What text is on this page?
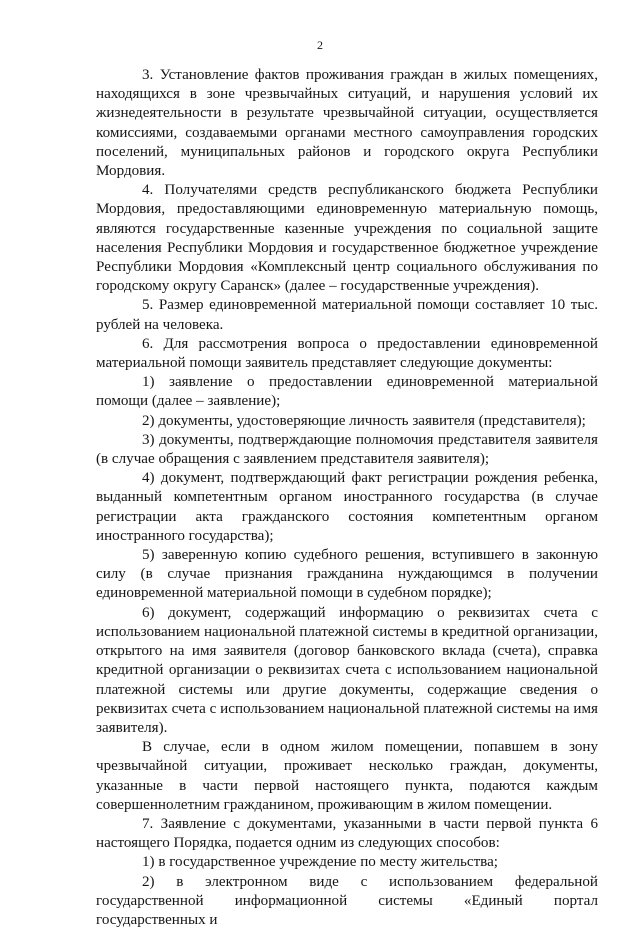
2

3. Установление фактов проживания граждан в жилых помещениях, находящихся в зоне чрезвычайных ситуаций, и нарушения условий их жизнедеятельности в результате чрезвычайной ситуации, осуществляется комиссиями, создаваемыми органами местного самоуправления городских поселений, муниципальных районов и городского округа Республики Мордовия.

4. Получателями средств республиканского бюджета Республики Мордовия, предоставляющими единовременную материальную помощь, являются государственные казенные учреждения по социальной защите населения Республики Мордовия и государственное бюджетное учреждение Республики Мордовия «Комплексный центр социального обслуживания по городскому округу Саранск» (далее – государственные учреждения).

5. Размер единовременной материальной помощи составляет 10 тыс. рублей на человека.

6. Для рассмотрения вопроса о предоставлении единовременной материальной помощи заявитель представляет следующие документы:

1) заявление о предоставлении единовременной материальной помощи (далее – заявление);

2) документы, удостоверяющие личность заявителя (представителя);

3) документы, подтверждающие полномочия представителя заявителя (в случае обращения с заявлением представителя заявителя);

4) документ, подтверждающий факт регистрации рождения ребенка, выданный компетентным органом иностранного государства (в случае регистрации акта гражданского состояния компетентным органом иностранного государства);

5) заверенную копию судебного решения, вступившего в законную силу (в случае признания гражданина нуждающимся в получении единовременной материальной помощи в судебном порядке);

6) документ, содержащий информацию о реквизитах счета с использованием национальной платежной системы в кредитной организации, открытого на имя заявителя (договор банковского вклада (счета), справка кредитной организации о реквизитах счета с использованием национальной платежной системы или другие документы, содержащие сведения о реквизитах счета с использованием национальной платежной системы на имя заявителя).

В случае, если в одном жилом помещении, попавшем в зону чрезвычайной ситуации, проживает несколько граждан, документы, указанные в части первой настоящего пункта, подаются каждым совершеннолетним гражданином, проживающим в жилом помещении.

7. Заявление с документами, указанными в части первой пункта 6 настоящего Порядка, подается одним из следующих способов:

1) в государственное учреждение по месту жительства;

2) в электронном виде с использованием федеральной государственной информационной системы «Единый портал государственных и
